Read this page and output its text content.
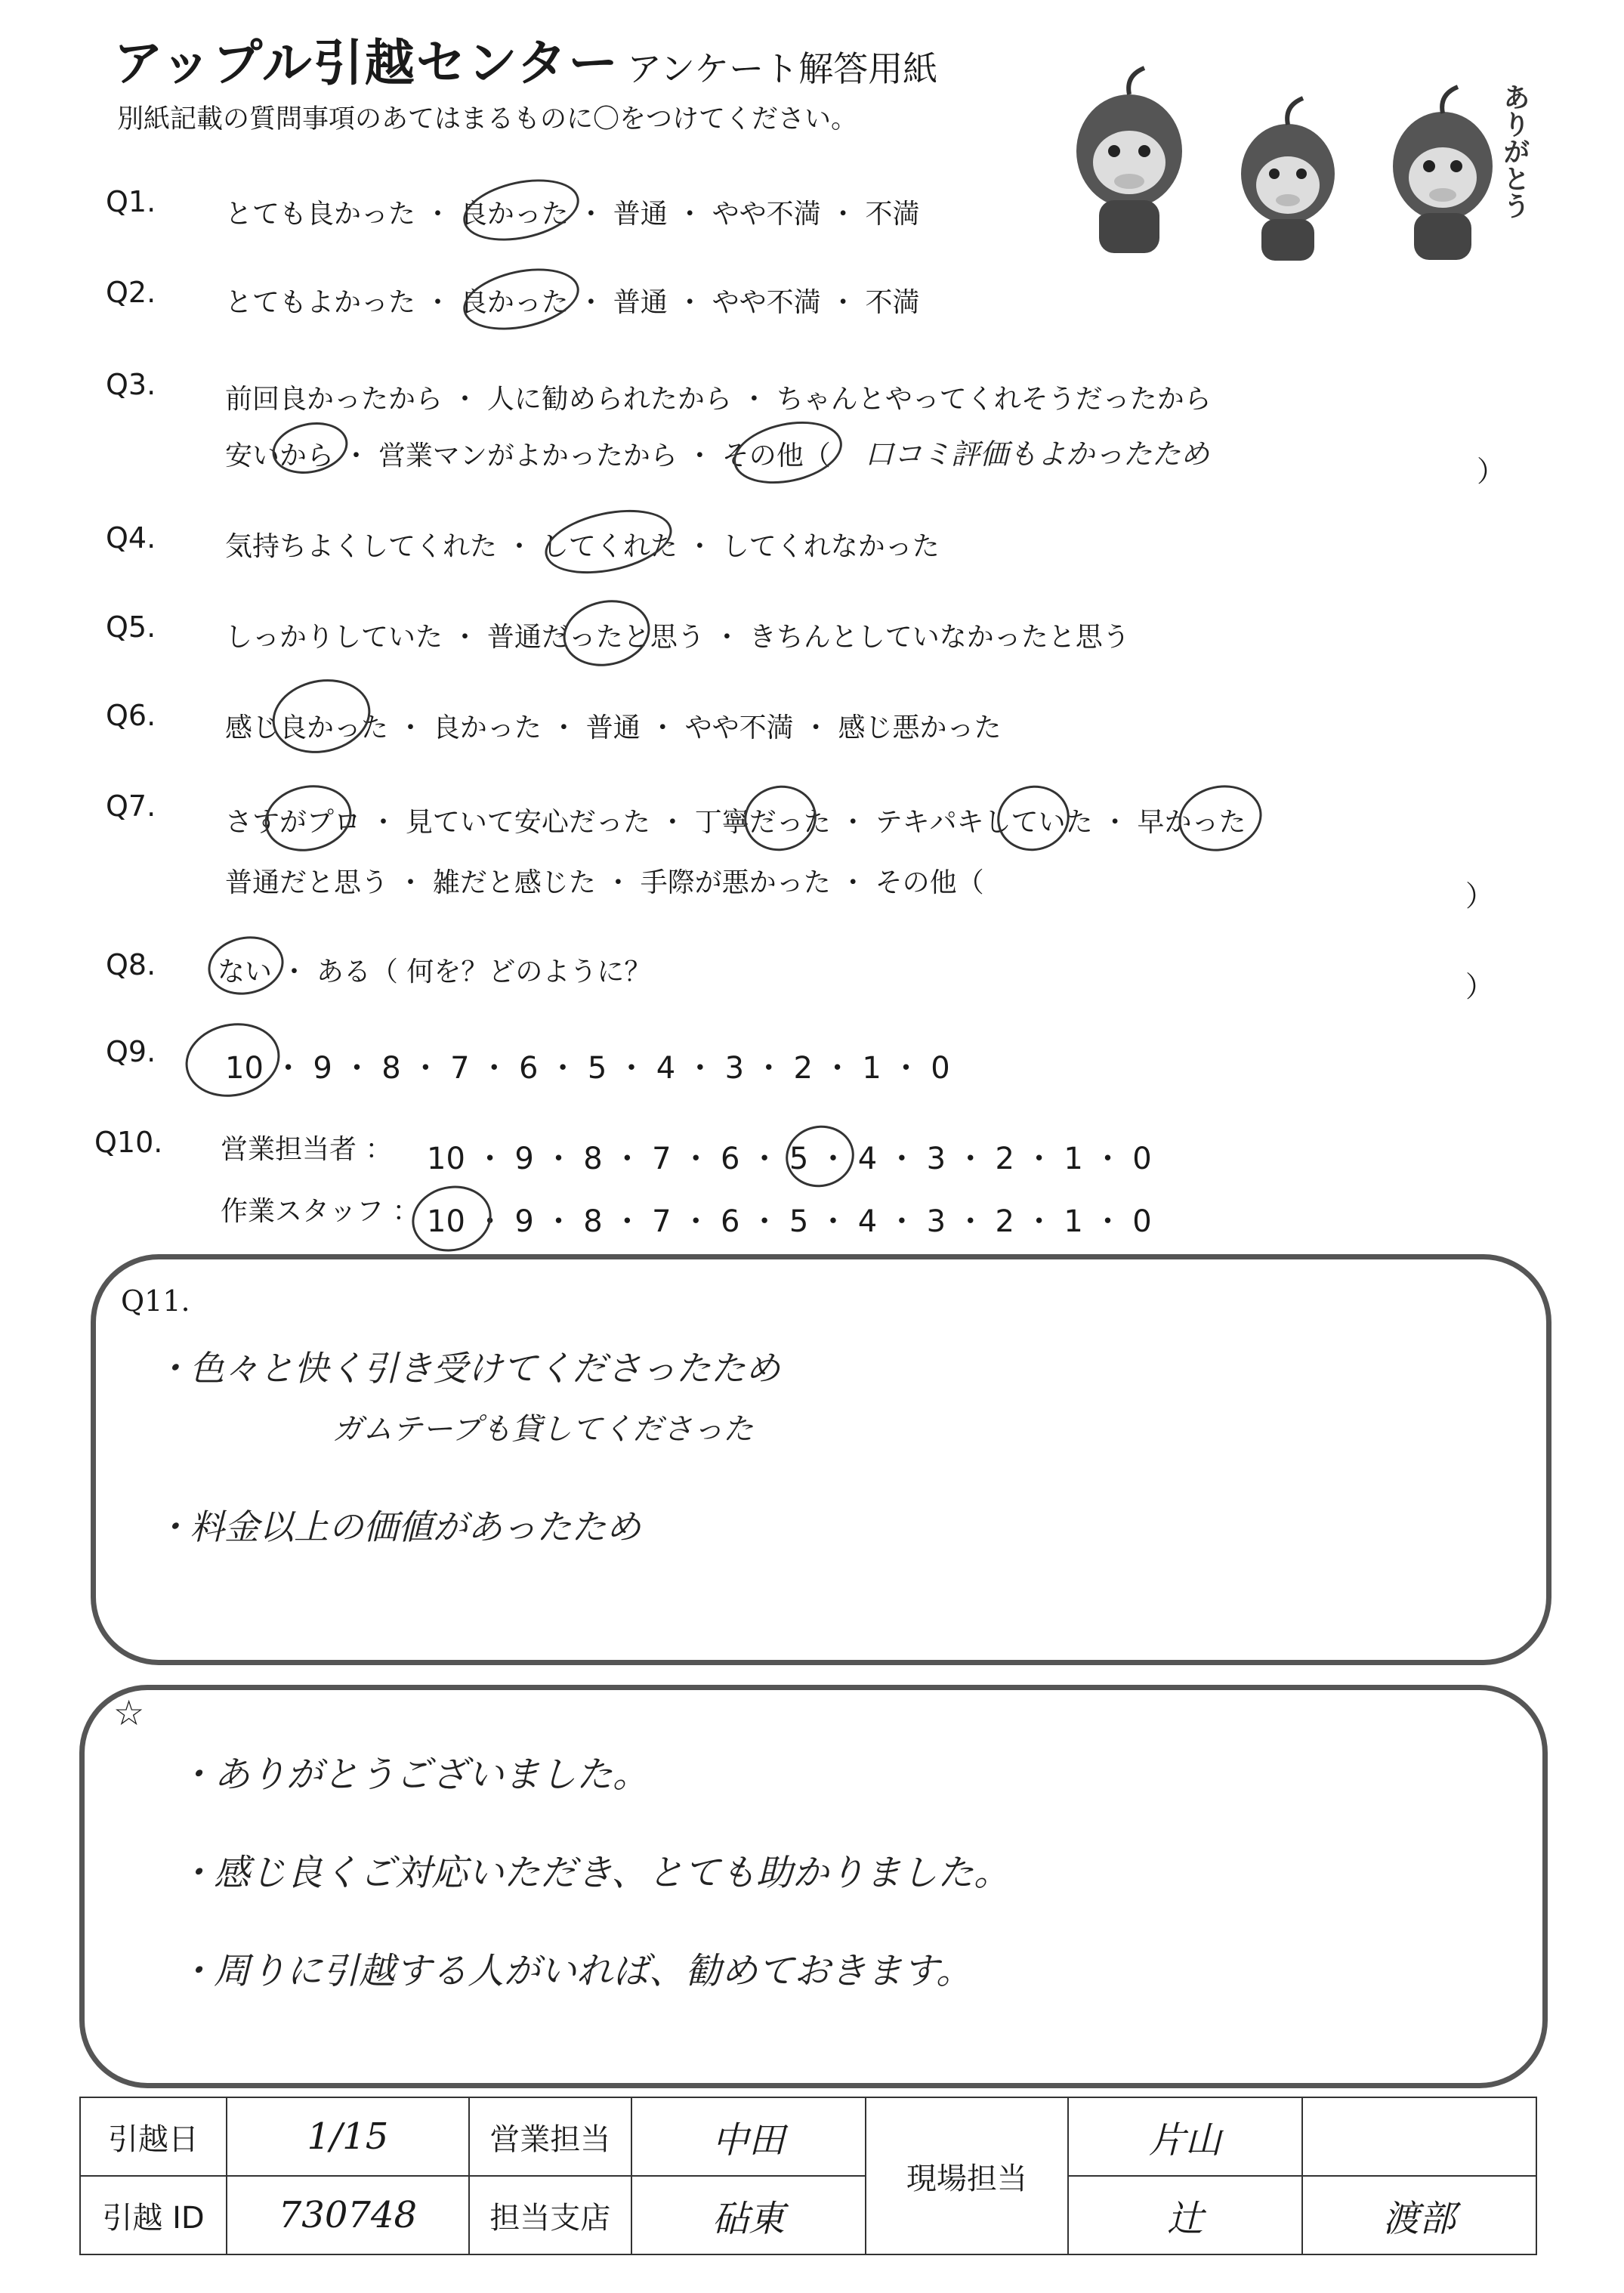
アップル引越センター アンケート解答用紙
別紙記載の質問事項のあてはまるものに〇をつけてください。	ありがとう
Q1.	とても良かった ・ 良かった ・ 普通 ・ やや不満 ・ 不満
Q2.	とてもよかった ・ 良かった ・ 普通 ・ やや不満 ・ 不満
Q3.	前回良かったから ・ 人に勧められたから ・ ちゃんとやってくれそうだったから
安いから ・ 営業マンがよかったから ・ その他（ 口コミ評価もよかったため
）
Q4.	気持ちよくしてくれた ・ してくれた ・ してくれなかった
Q5.	しっかりしていた ・ 普通だったと思う ・ きちんとしていなかったと思う
Q6.	感じ良かった ・ 良かった ・ 普通 ・ やや不満 ・ 感じ悪かった
Q7.	さすがプロ ・ 見ていて安心だった ・ 丁寧だった ・ テキパキしていた ・ 早かった
普通だと思う ・ 雑だと感じた ・ 手際が悪かった ・ その他（	）
Q8. ない ・ ある（ 何を？どのように？	）
Q9. 10 ・ 9 ・ 8 ・ 7 ・ 6 ・ 5 ・ 4 ・ 3 ・ 2 ・ 1 ・ 0
Q10. 営業担当者 ： 10 ・ 9 ・ 8 ・ 7 ・ 6 ・ 5 ・ 4 ・ 3 ・ 2 ・ 1 ・ 0
作業スタッフ ： 10 ・ 9 ・ 8 ・ 7 ・ 6 ・ 5 ・ 4 ・ 3 ・ 2 ・ 1 ・ 0
Q11.
・色々と快く引き受けてくださったため
ガムテープも貸してくださった
・料金以上の価値があったため
☆
・ありがとうございました。
・感じ良くご対応いただき、とても助かりました。
・周りに引越する人がいれば、勧めておきます。
引越日	1/15	営業担当	中田	現場担当	片山	
引越 ID	730748	担当支店	砧東		辻	渡部
